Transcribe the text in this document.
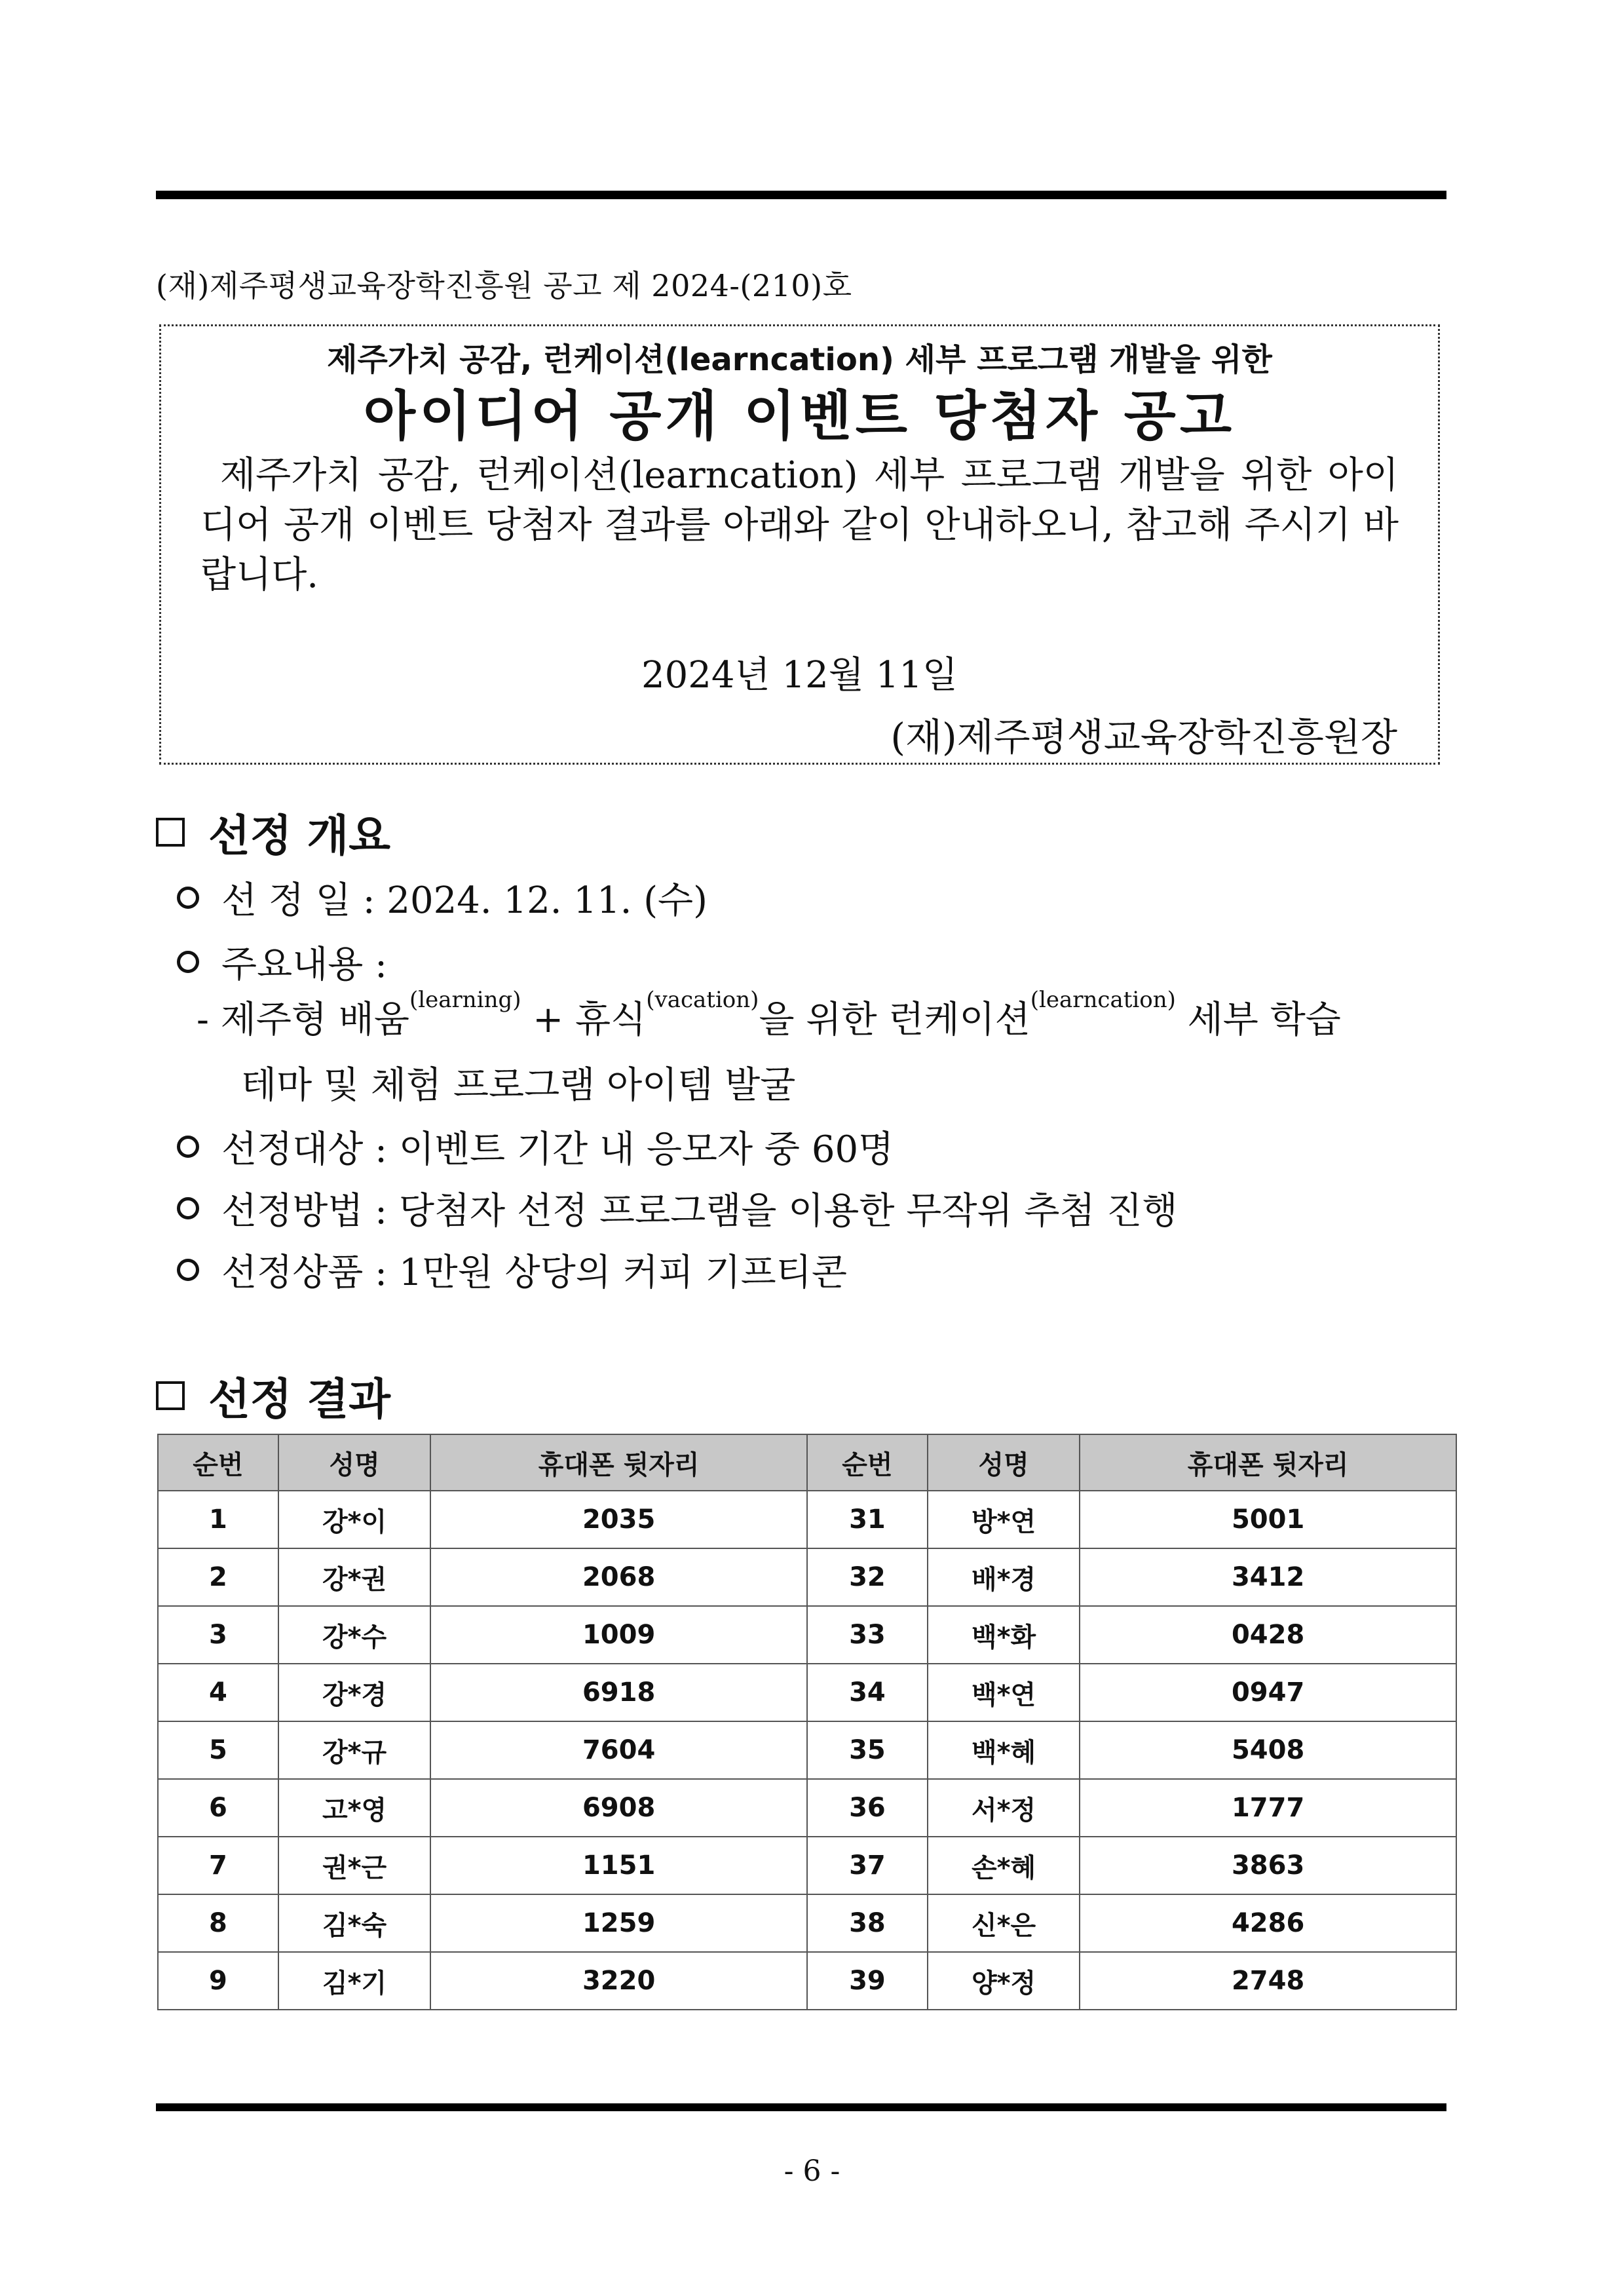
(재)제주평생교육장학진흥원 공고 제 2024-(210)호
제주가치 공감, 런케이션(learncation) 세부 프로그램 개발을 위한
아이디어 공개 이벤트 당첨자 공고
제주가치 공감, 런케이션(learncation) 세부 프로그램 개발을 위한 아이디어 공개 이벤트 당첨자 결과를 아래와 같이 안내하오니, 참고해 주시기 바랍니다.
2024년 12월 11일
(재)제주평생교육장학진흥원장
선정 개요
선 정 일 : 2024. 12. 11. (수)
주요내용 :
- 제주형 배움$^{(learning)}$ + 휴식$^{(vacation)}$을 위한 런케이션$^{(learncation)}$ 세부 학습
테마 및 체험 프로그램 아이템 발굴
선정대상 : 이벤트 기간 내 응모자 중 60명
선정방법 : 당첨자 선정 프로그램을 이용한 무작위 추첨 진행
선정상품 : 1만원 상당의 커피 기프티콘
선정 결과
순번	성명	휴대폰 뒷자리	순번	성명	휴대폰 뒷자리
1	강*이	2035	31	방*연	5001
2	강*권	2068	32	배*경	3412
3	강*수	1009	33	백*화	0428
4	강*경	6918	34	백*연	0947
5	강*규	7604	35	백*혜	5408
6	고*영	6908	36	서*정	1777
7	권*근	1151	37	손*혜	3863
8	김*숙	1259	38	신*은	4286
9	김*기	3220	39	양*정	2748
- 6 -
